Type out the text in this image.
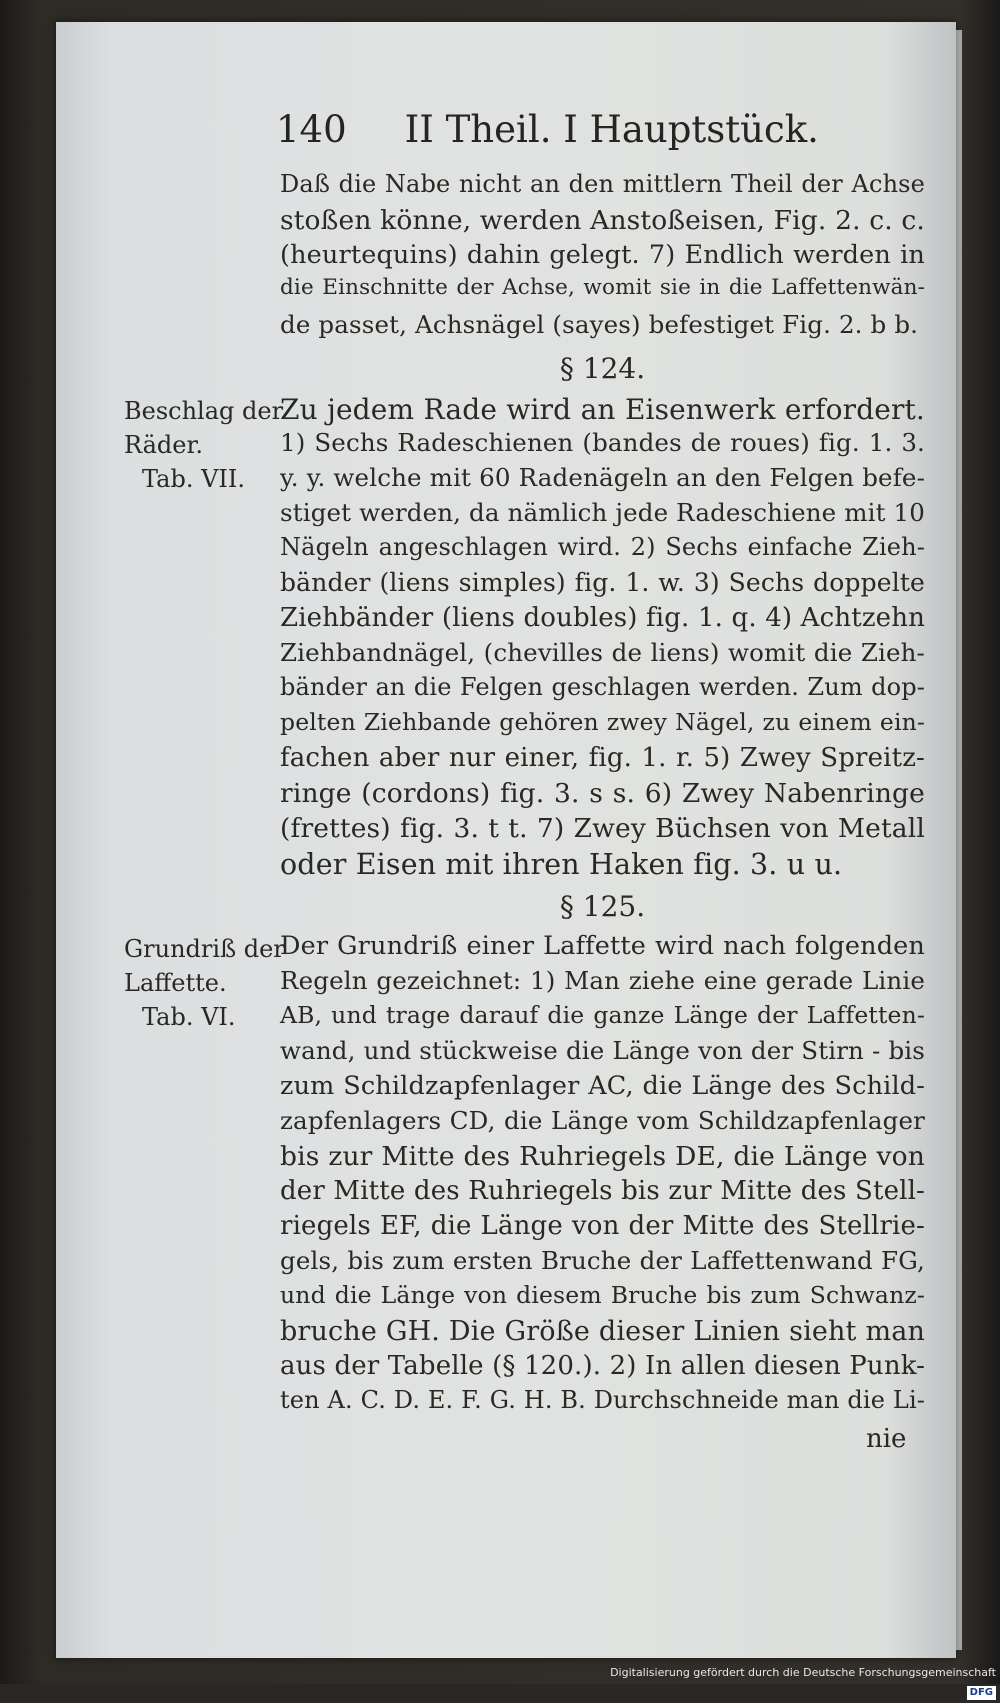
140 II Theil. I Hauptstück.
Daß die Nabe nicht an den mittlern Theil der Achse
stoßen könne, werden Anstoßeisen, Fig. 2. c. c.
(heurtequins) dahin gelegt. 7) Endlich werden in
die Einschnitte der Achse, womit sie in die Laffettenwän-
de passet, Achsnägel (sayes) befestiget Fig. 2. b b.
§ 124.
Beschlag der
Räder.
Tab. VII.
Zu jedem Rade wird an Eisenwerk erfordert.
1) Sechs Radeschienen (bandes de roues) fig. 1. 3.
y. y. welche mit 60 Radenägeln an den Felgen befe-
stiget werden, da nämlich jede Radeschiene mit 10
Nägeln angeschlagen wird. 2) Sechs einfache Zieh-
bänder (liens simples) fig. 1. w. 3) Sechs doppelte
Ziehbänder (liens doubles) fig. 1. q. 4) Achtzehn
Ziehbandnägel, (chevilles de liens) womit die Zieh-
bänder an die Felgen geschlagen werden. Zum dop-
pelten Ziehbande gehören zwey Nägel, zu einem ein-
fachen aber nur einer, fig. 1. r. 5) Zwey Spreitz-
ringe (cordons) fig. 3. s s. 6) Zwey Nabenringe
(frettes) fig. 3. t t. 7) Zwey Büchsen von Metall
oder Eisen mit ihren Haken fig. 3. u u.
§ 125.
Grundriß der
Laffette.
Tab. VI.
Der Grundriß einer Laffette wird nach folgenden
Regeln gezeichnet: 1) Man ziehe eine gerade Linie
AB, und trage darauf die ganze Länge der Laffetten-
wand, und stückweise die Länge von der Stirn - bis
zum Schildzapfenlager AC, die Länge des Schild-
zapfenlagers CD, die Länge vom Schildzapfenlager
bis zur Mitte des Ruhriegels DE, die Länge von
der Mitte des Ruhriegels bis zur Mitte des Stell-
riegels EF, die Länge von der Mitte des Stellrie-
gels, bis zum ersten Bruche der Laffettenwand FG,
und die Länge von diesem Bruche bis zum Schwanz-
bruche GH. Die Größe dieser Linien sieht man
aus der Tabelle (§ 120.). 2) In allen diesen Punk-
ten A. C. D. E. F. G. H. B. Durchschneide man die Li-
nie
Digitalisierung gefördert durch die Deutsche Forschungsgemeinschaft DFG
